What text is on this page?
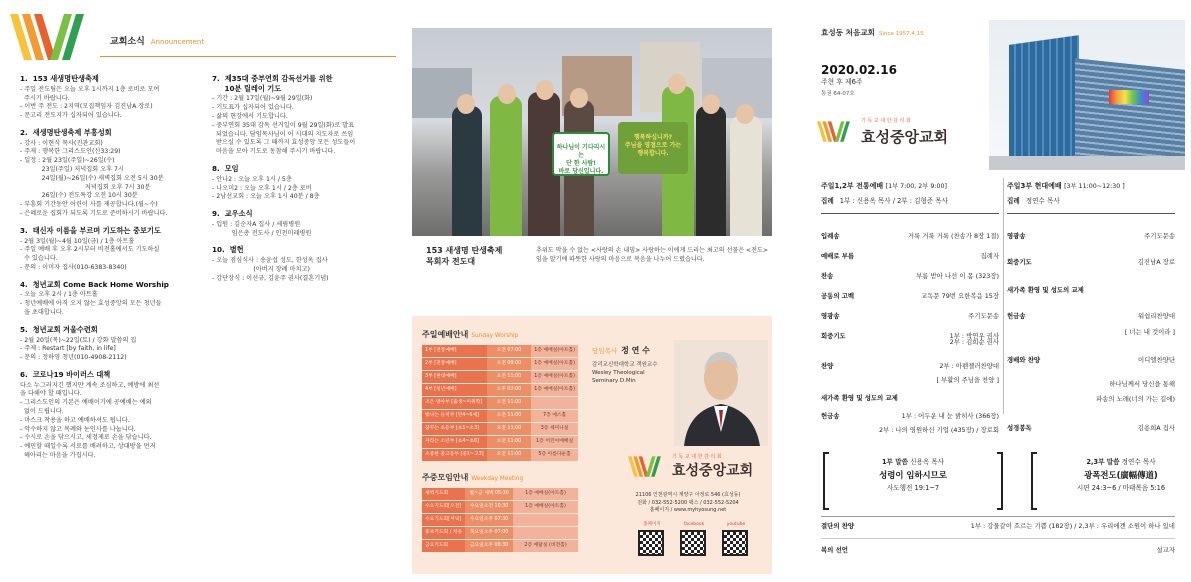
교회소식 Announcement
1.  153 새생명탄생축제

- 주일 전도팀은 오늘 오후 1시까지 1층 로비로 모여
주시기 바랍니다.
- 이번 주 전도 : 2지역(모집책임자 김진남A 장로)
- 문고리 전도지가 십자되어 있습니다.

2.  새생명탄생축제 부흥성회

- 강사 : 이현식 목사(진관교회)
- 주제 : 행복한 그리스도인(신33:29)
- 일정 : 2월 23일(주일)~26일(수)
23일(주일) 저녁집회 오후 7시
24일(월)~26일(수) 새벽집회 오전 5시 30분
저녁집회 오후 7시 30분
26일(수) 전도특강 오전 10시 30분
- 부흥회 기간동안 어린이 사를 제공합니다.(월~수)
- 은혜로운 집회가 되도록 기도로 준비하시기 바랍니다.

3.  태신자 이름을 부르며 기도하는 중보기도

- 2월 3일(월)~4월 10일(금) / 1층 아트홀
- 주일 예배 후 오후 2시부터 비전홀에서도 기도하실
수 있습니다.
- 문의 : 이미자 집사(010-6383-8340)

4.  청년교회 Come Back Home Worship

- 오늘 오후 2시 / 1층 아트홀
- 청년예배에 아직 오지 않는 효성중앙의 모든 청년들
을 초대합니다.

5.  청년교회 겨울수련회

- 2월 20일(목)~22일(토) / 강화 말씀의 집
- 주제 : Restart [by faith, in life]
- 문의 : 정하영 청년(010-4908-2112)

6.  코로나19 바이러스 대책

다소 누그러지긴 했지만 계속 조심하고, 예방에 최선
을 다해야 할 때입니다.
- 그리스도인의 기본은 예배이기에 공예배는 예외
없이 드립니다.
- 마스크 착용을 하고 예배하셔도 됩니다.
- 악수하지 않고 목례와 눈인사를 나눕니다.
- 수시로 손을 닦으시고, 세정제로 손을 닦습니다.
- 예민할 때일수록 서로를 배려하고, 상대방을 먼저
헤아리는 마음을 가집시다.

7.  제35대 중부연회 감독선거를 위한
10분 릴레이 기도

- 기간 : 2월 17일(월)~9월 29일(화)
- 기도표가 십자되어 있습니다.
- 삶의 현장에서 기도합니다.
- 중부연회 35대 감독 선거일이 9월 29일(화)로 발표
되었습니다. 담임목사님이 이 시대의 지도자로 쓰임
받으실 수 있도록 그 때까지 효성중앙 모든 성도들이
마음을 모아 기도로 동참해 주시기 바랍니다.

8.  모임

- 안나2 : 오늘 오후 1시 / 5층
- 나오미2 : 오늘 오후 1시 / 2층 로비
- 2남선교회 : 오늘 오후 1시 40분 / 8층

9.  교우소식

- 입원 : 김순자A 집사 / 세림병원
임은총 전도사 / 인천미래병원

10.  별헌

- 오늘 점심식사 : 송윤섭 성도, 한성옥 집사
(아버지 장례 마치고)
- 강단장식 : 이선규, 김윤주 권사(결혼기념)

하나님이 기다리시는
단 한 사람!
바로 당신입니다.
행복하십니까?
주님을 영접으로 가는
행복합니다.
153 새생명 탄생축제
목회자 전도대
추위도 막을 수 없는 <사랑의 손 내밈> 사랑하는 이에게 드리는 최고의 선물은 <전도>임을 알기에 따뜻한 사랑의 마음으로 복음을 나누어 드렸습니다.
주일예배안내 Sunday Worship
1부 [전통예배]	오전 07:00	1층 예배실(아트홀)
2부 [전통예배]	오전 09:00	1층 예배실(아트홀)
3부 [현대예배]	오전 11:00	1층 예배실(아트홀)
4부 [청년예배]	오후 02:00	1층 예배실(아트홀)
조은 영아부 [출생~미취학]	오전 11:00	
빛나는 유치부 [만4~6세]	오전 11:00	7층 예스홀
꿈꾸는 초등부 [초1~초3]	오전 11:00	3층 세미나실
자라는 소년부 [초4~초6]	오전 11:00	1층 어린이예배실
소중한 중고등부 [중1~고3]	오전 11:00	5층 아름다운홀
주중모임안내 Weekday Meeting
새벽기도회	월~금 새벽 05:30	1층 예배실(아트홀)
수요기도회[오전]	수요일오전 10:30	1층 예배실(아트홀)
수요기도회[저녁]	수요일오후 07:30	
중보기도회 / 치유	목요일오후 07:00	
금요기도회	금요일오후 08:30	2층 예닮실 (비전홀)
담임목사 정 연 수
감리교신학대학교 객원교수
Wesley Theological
Seminary D.Min
기 독 교 대 한 감 리 회
효성중앙교회
21106 인천광역시 계양구 아정로 546 (효성동)
전화 / 032-552-5200 팩스 / 032-552-5204
홈페이지 / www.myhyosung.net
홈페이지	facebook	youtube
효성동 처음교회 Since 1957.4.15
2020.02.16
주현 후 제6주
통권 64-07호
기 독 교 대 한 감 리 회
효성중앙교회
주일1,2부 전통예배 [1부 7:00, 2부 9:00]
집례 1부 : 신용옥 목사 / 2부 : 김형준 목사
입례송	거룩 거룩 거룩 (찬송가 8장 1절)
예배로 부름	집례자
찬송	부름 받아 나선 이 몸 (323장)
공동의 고백	교독문 79번 요한복음 15장
영광송	주기도문송
회중기도	1부 : 박연우 권사
2부 : 김희순 권사
찬양	2부 : 아펜젤러찬양대
[ 부활의 주님을 찬양 ]
새가족 환영 및 성도의 교제
헌금송	1부 : 어두운 내 눈 밝히사 (366장)
2부 : 나의 영원하신 기업 (435장) / 장로회
주일3부 현대예배 [3부 11:00~12:30 ]
집례 정연수 목사
영광송	주기도문송
회중기도	김진남A 장로
새가족 환영 및 성도의 교제
헌금송	워쉽리찬양대
[ 너는 내 것이라 ]
경배와 찬양	이디엘찬양단
하나님께서 당신을 통해
파송의 노래(너의 가는 길에)
성경봉독	김용희A 집사
1부 말씀 신용옥 목사
성령이 임하시므로
사도행전 19:1~7
2,3부 말씀 정연수 목사
광폭전도(廣幅傳道)
시편 24:3~6 / 마태복음 5:16
결단의 찬양	1부 : 강물같이 흐르는 기쁨 (182장) / 2,3부 : 우리에겐 소원이 하나 있네
복의 선언	설교자
